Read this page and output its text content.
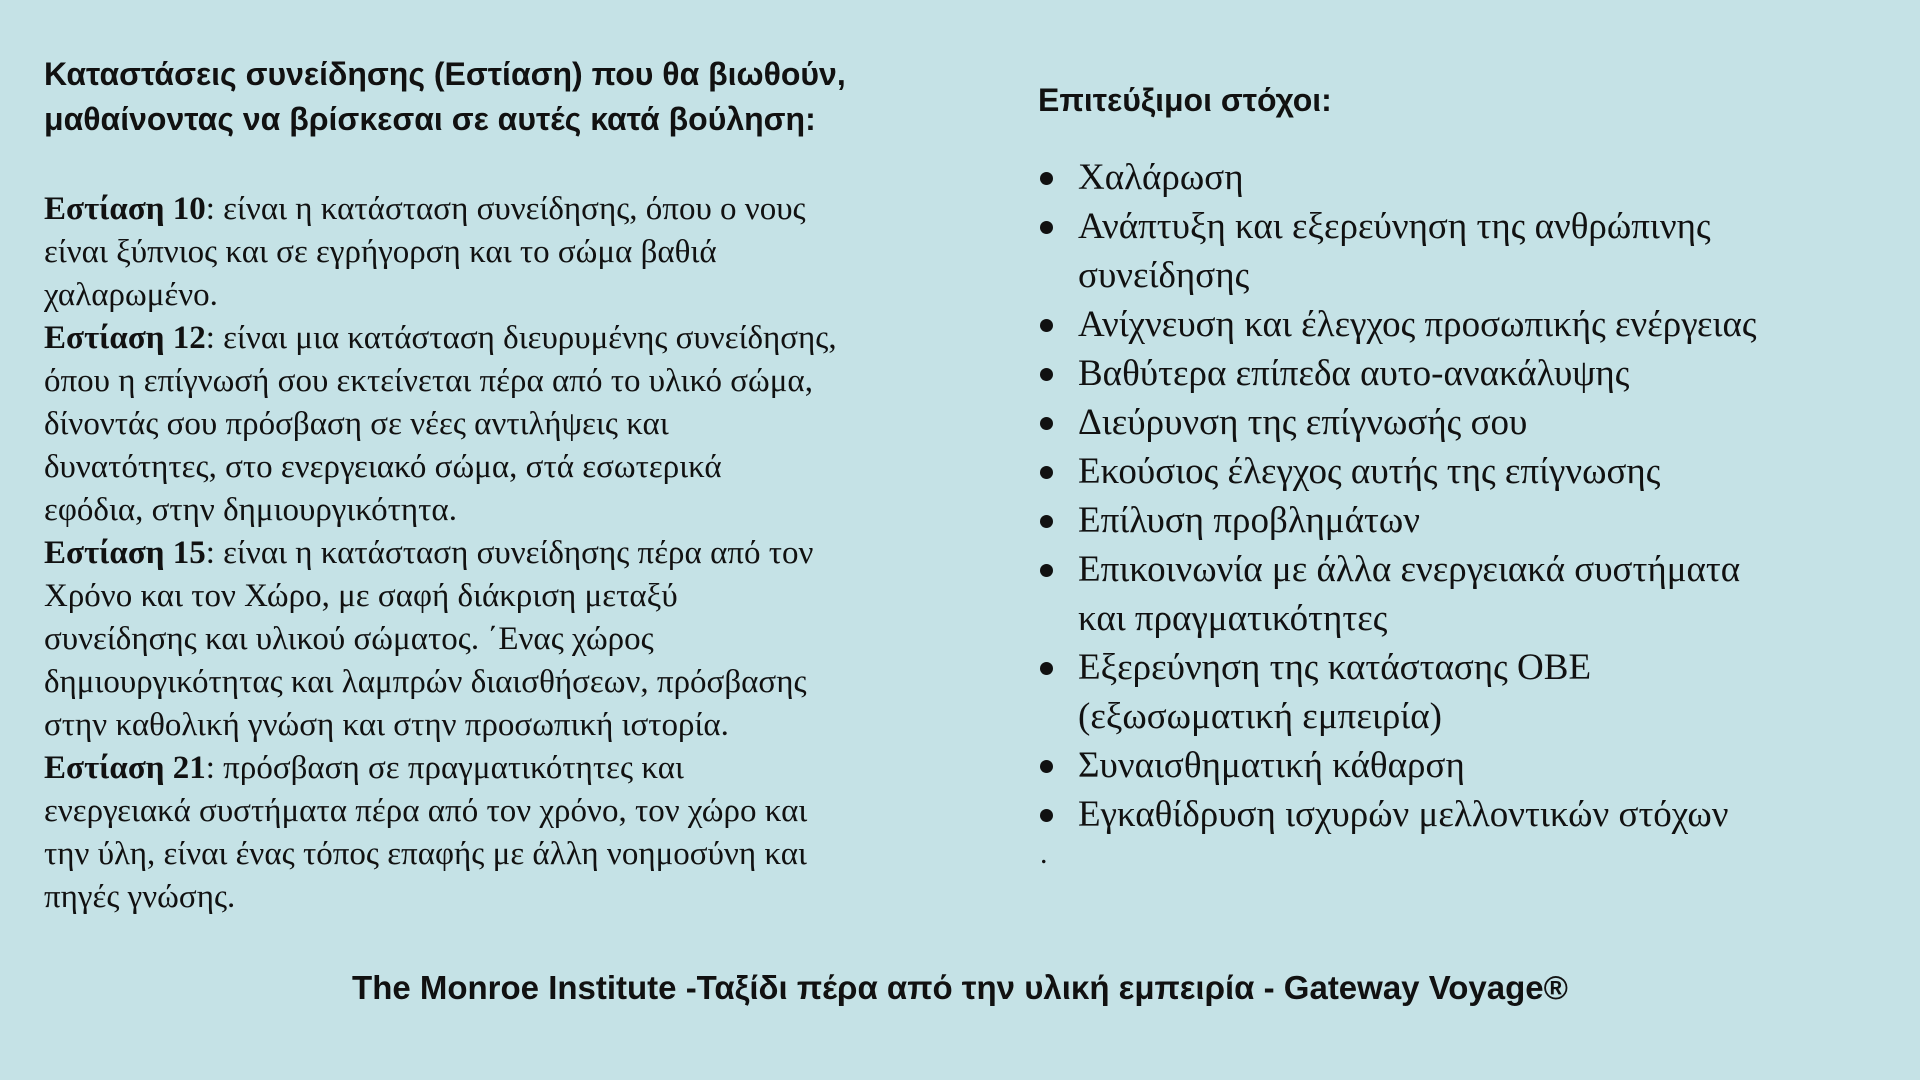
Καταστάσεις συνείδησης (Εστίαση) που θα βιωθούν,
μαθαίνοντας να βρίσκεσαι σε αυτές κατά βούληση:

Εστίαση 10: είναι η κατάσταση συνείδησης, όπου ο νους
είναι ξύπνιος και σε εγρήγορση και το σώμα βαθιά
χαλαρωμένο.

Εστίαση 12: είναι μια κατάσταση διευρυμένης συνείδησης,
όπου η επίγνωσή σου εκτείνεται πέρα από το υλικό σώμα,
δίνοντάς σου πρόσβαση σε νέες αντιλήψεις και
δυνατότητες, στο ενεργειακό σώμα, στά εσωτερικά
εφόδια, στην δημιουργικότητα.

Εστίαση 15: είναι η κατάσταση συνείδησης πέρα από τον
Χρόνο και τον Χώρο, με σαφή διάκριση μεταξύ
συνείδησης και υλικού σώματος. ΄Ενας χώρος
δημιουργικότητας και λαμπρών διαισθήσεων, πρόσβασης
στην καθολική γνώση και στην προσωπική ιστορία.

Εστίαση 21: πρόσβαση σε πραγματικότητες και
ενεργειακά συστήματα πέρα από τον χρόνο, τον χώρο και
την ύλη, είναι ένας τόπος επαφής με άλλη νοημοσύνη και
πηγές γνώσης.

Επιτεύξιμοι στόχοι:

Χαλάρωση
Ανάπτυξη και εξερεύνηση της ανθρώπινης
συνείδησης
Ανίχνευση και έλεγχος προσωπικής ενέργειας
Βαθύτερα επίπεδα αυτο-ανακάλυψης
Διεύρυνση της επίγνωσής σου
Εκούσιος έλεγχος αυτής της επίγνωσης
Επίλυση προβλημάτων
Επικοινωνία με άλλα ενεργειακά συστήματα
και πραγματικότητες
Εξερεύνηση της κατάστασης ΟΒΕ
(εξωσωματική εμπειρία)
Συναισθηματική κάθαρση
Εγκαθίδρυση ισχυρών μελλοντικών στόχων

.

The Monroe Institute -Ταξίδι πέρα από την υλική εμπειρία - Gateway Voyage®
